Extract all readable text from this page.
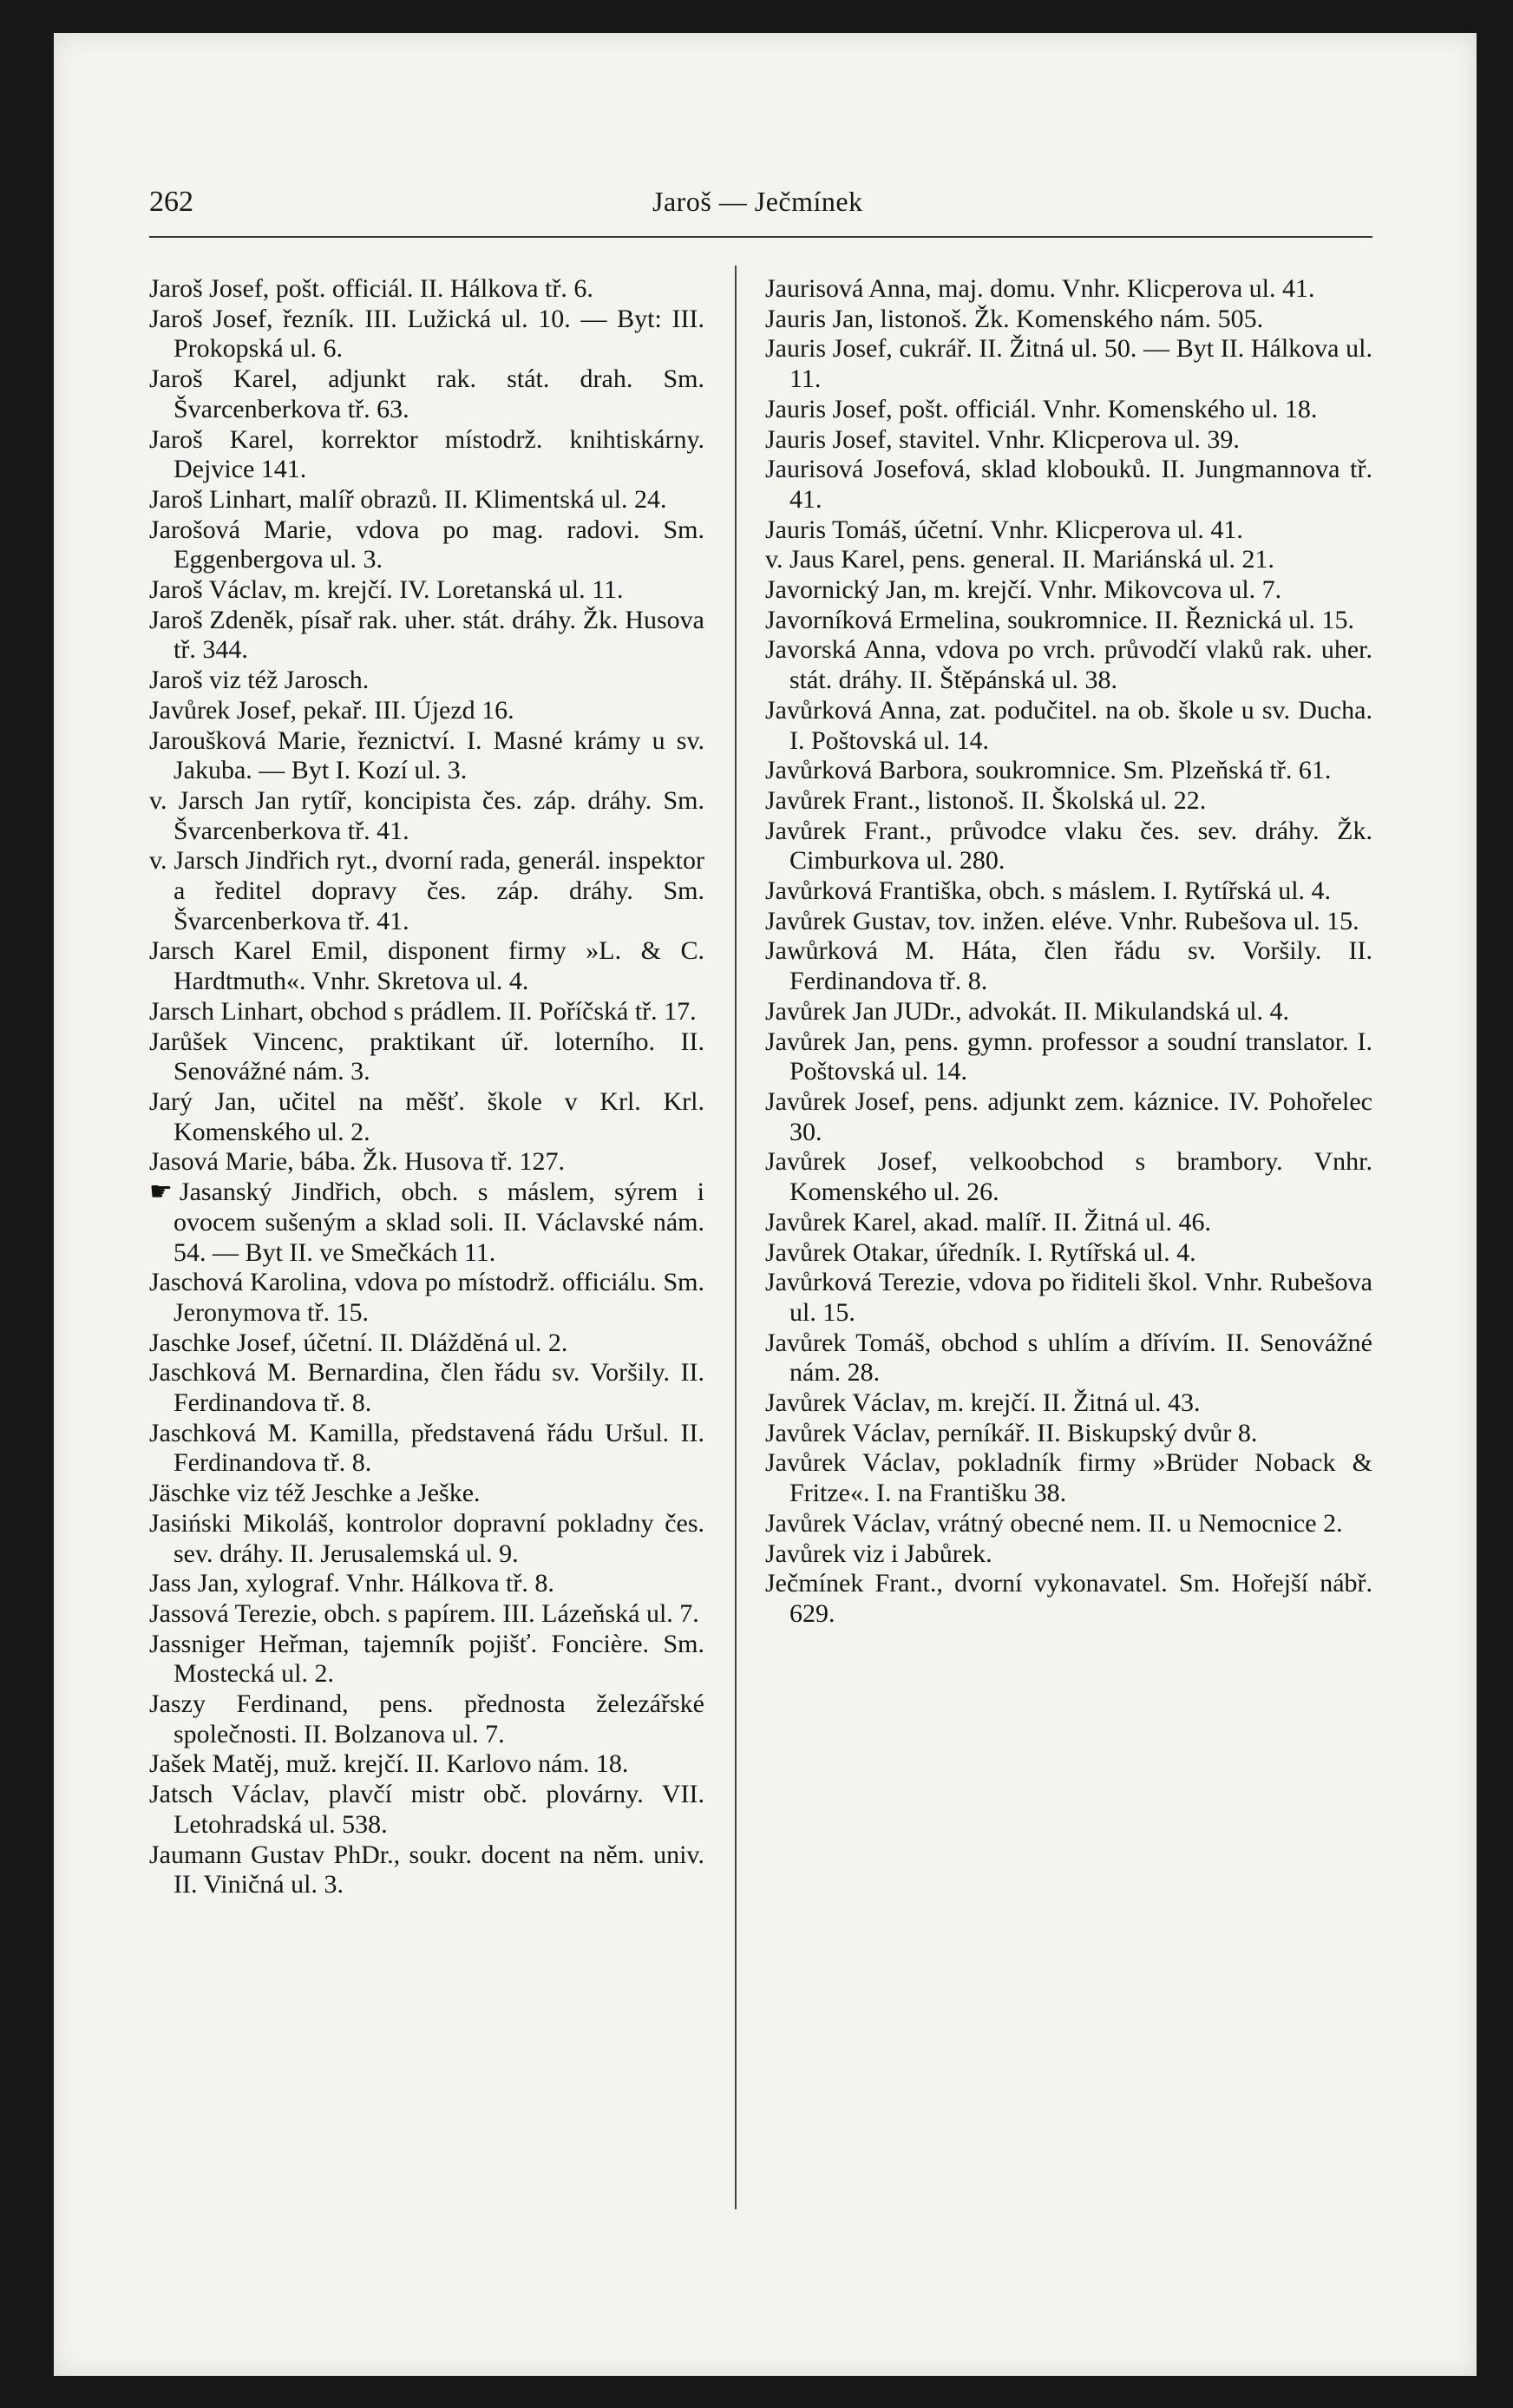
262	Jaroš — Ječmínek

Jaroš Josef, pošt. officiál. II. Hálkova tř. 6.

Jaroš Josef, řezník. III. Lužická ul. 10. — Byt: III. Prokopská ul. 6.

Jaroš Karel, adjunkt rak. stát. drah. Sm. Švarcenberkova tř. 63.

Jaroš Karel, korrektor místodrž. knihtiskárny. Dejvice 141.

Jaroš Linhart, malíř obrazů. II. Klimentská ul. 24.

Jarošová Marie, vdova po mag. radovi. Sm. Eggenbergova ul. 3.

Jaroš Václav, m. krejčí. IV. Loretanská ul. 11.

Jaroš Zdeněk, písař rak. uher. stát. dráhy. Žk. Husova tř. 344.

Jaroš viz též Jarosch.

Javůrek Josef, pekař. III. Újezd 16.

Jaroušková Marie, řeznictví. I. Masné krámy u sv. Jakuba. — Byt I. Kozí ul. 3.

v. Jarsch Jan rytíř, koncipista čes. záp. dráhy. Sm. Švarcenberkova tř. 41.

v. Jarsch Jindřich ryt., dvorní rada, generál. inspektor a ředitel dopravy čes. záp. dráhy. Sm. Švarcenberkova tř. 41.

Jarsch Karel Emil, disponent firmy »L. & C. Hardtmuth«. Vnhr. Skretova ul. 4.

Jarsch Linhart, obchod s prádlem. II. Poříčská tř. 17.

Jarůšek Vincenc, praktikant úř. loterního. II. Senovážné nám. 3.

Jarý Jan, učitel na měšť. škole v Krl. Krl. Komenského ul. 2.

Jasová Marie, bába. Žk. Husova tř. 127.

☛ Jasanský Jindřich, obch. s máslem, sýrem i ovocem sušeným a sklad soli. II. Václavské nám. 54. — Byt II. ve Smečkách 11.

Jaschová Karolina, vdova po místodrž. officiálu. Sm. Jeronymova tř. 15.

Jaschke Josef, účetní. II. Dlážděná ul. 2.

Jaschková M. Bernardina, člen řádu sv. Voršily. II. Ferdinandova tř. 8.

Jaschková M. Kamilla, představená řádu Uršul. II. Ferdinandova tř. 8.

Jäschke viz též Jeschke a Ješke.

Jasiński Mikoláš, kontrolor dopravní pokladny čes. sev. dráhy. II. Jerusalemská ul. 9.

Jass Jan, xylograf. Vnhr. Hálkova tř. 8.

Jassová Terezie, obch. s papírem. III. Lázeňská ul. 7.

Jassniger Heřman, tajemník pojišť. Foncière. Sm. Mostecká ul. 2.

Jaszy Ferdinand, pens. přednosta železářské společnosti. II. Bolzanova ul. 7.

Jašek Matěj, muž. krejčí. II. Karlovo nám. 18.

Jatsch Václav, plavčí mistr obč. plovárny. VII. Letohradská ul. 538.

Jaumann Gustav PhDr., soukr. docent na něm. univ. II. Viničná ul. 3.

Jaurisová Anna, maj. domu. Vnhr. Klicperova ul. 41.

Jauris Jan, listonoš. Žk. Komenského nám. 505.

Jauris Josef, cukrář. II. Žitná ul. 50. — Byt II. Hálkova ul. 11.

Jauris Josef, pošt. officiál. Vnhr. Komenského ul. 18.

Jauris Josef, stavitel. Vnhr. Klicperova ul. 39.

Jaurisová Josefová, sklad klobouků. II. Jungmannova tř. 41.

Jauris Tomáš, účetní. Vnhr. Klicperova ul. 41.

v. Jaus Karel, pens. general. II. Mariánská ul. 21.

Javornický Jan, m. krejčí. Vnhr. Mikovcova ul. 7.

Javorníková Ermelina, soukromnice. II. Řeznická ul. 15.

Javorská Anna, vdova po vrch. průvodčí vlaků rak. uher. stát. dráhy. II. Štěpánská ul. 38.

Javůrková Anna, zat. podučitel. na ob. škole u sv. Ducha. I. Poštovská ul. 14.

Javůrková Barbora, soukromnice. Sm. Plzeňská tř. 61.

Javůrek Frant., listonoš. II. Školská ul. 22.

Javůrek Frant., průvodce vlaku čes. sev. dráhy. Žk. Cimburkova ul. 280.

Javůrková Františka, obch. s máslem. I. Rytířská ul. 4.

Javůrek Gustav, tov. inžen. eléve. Vnhr. Rubešova ul. 15.

Jawůrková M. Háta, člen řádu sv. Voršily. II. Ferdinandova tř. 8.

Javůrek Jan JUDr., advokát. II. Mikulandská ul. 4.

Javůrek Jan, pens. gymn. professor a soudní translator. I. Poštovská ul. 14.

Javůrek Josef, pens. adjunkt zem. káznice. IV. Pohořelec 30.

Javůrek Josef, velkoobchod s brambory. Vnhr. Komenského ul. 26.

Javůrek Karel, akad. malíř. II. Žitná ul. 46.

Javůrek Otakar, úředník. I. Rytířská ul. 4.

Javůrková Terezie, vdova po řiditeli škol. Vnhr. Rubešova ul. 15.

Javůrek Tomáš, obchod s uhlím a dřívím. II. Senovážné nám. 28.

Javůrek Václav, m. krejčí. II. Žitná ul. 43.

Javůrek Václav, perníkář. II. Biskupský dvůr 8.

Javůrek Václav, pokladník firmy »Brüder Noback & Fritze«. I. na Františku 38.

Javůrek Václav, vrátný obecné nem. II. u Nemocnice 2.

Javůrek viz i Jabůrek.

Ječmínek Frant., dvorní vykonavatel. Sm. Hořejší nábř. 629.
